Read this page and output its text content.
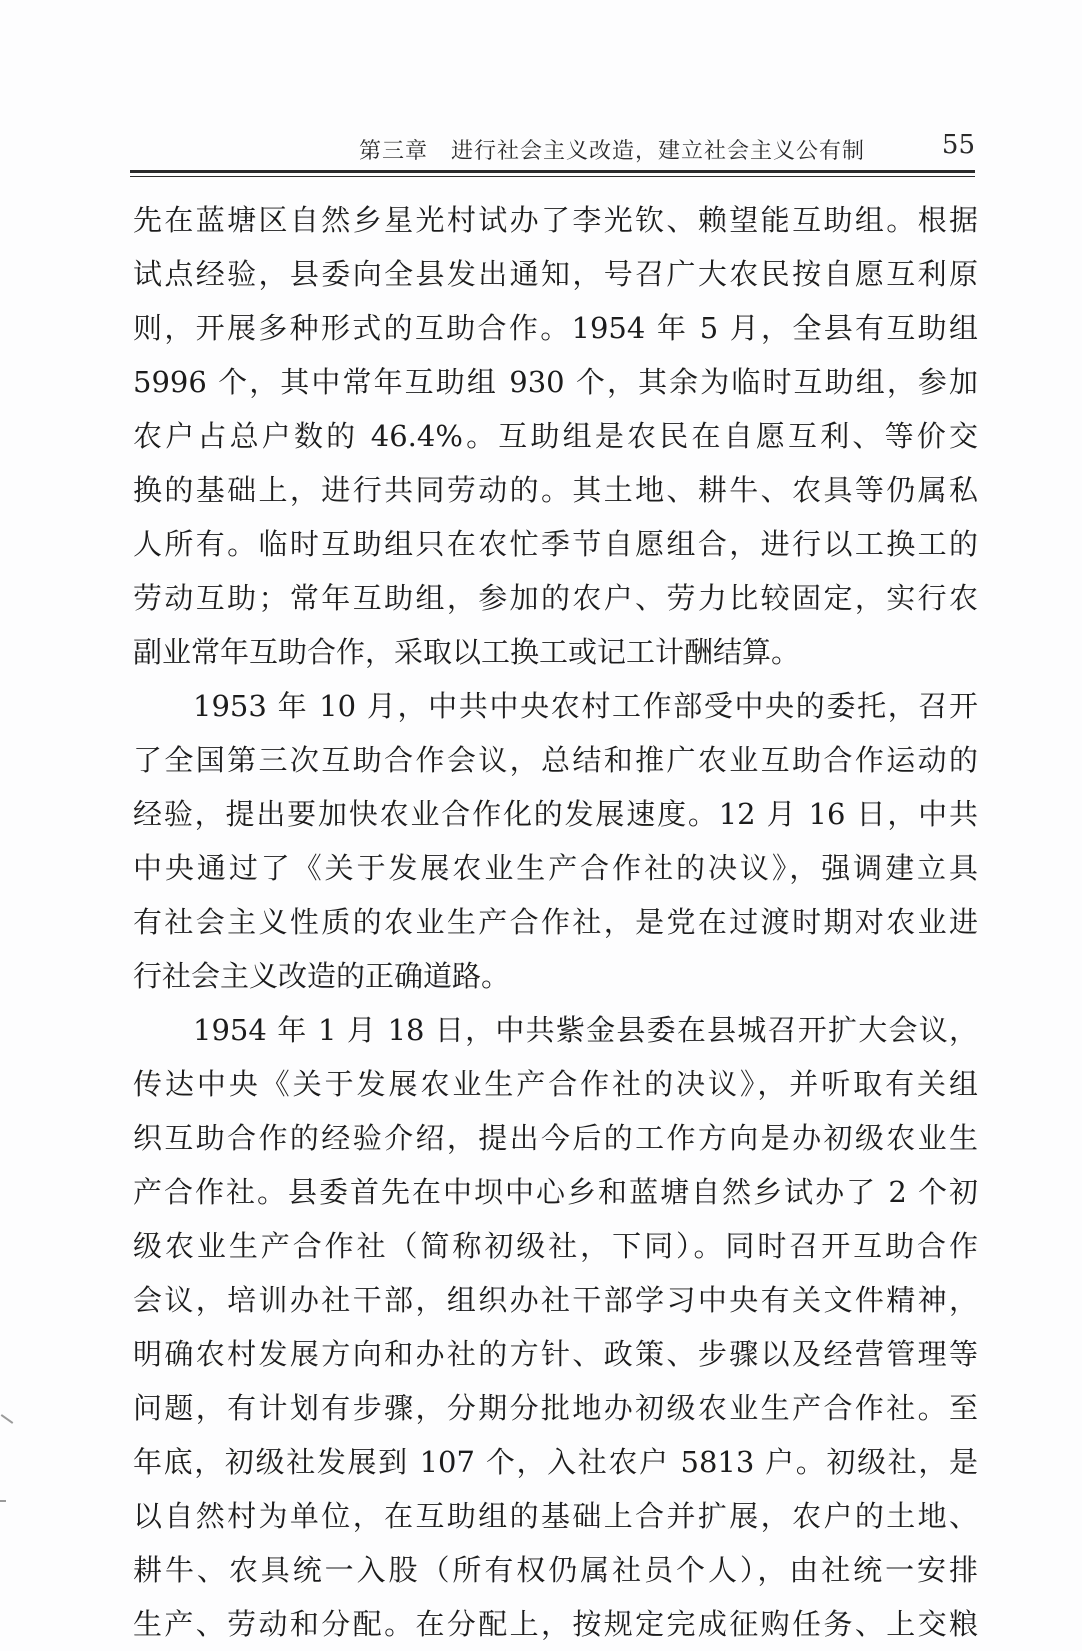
第三章　进行社会主义改造，建立社会主义公有制	55
先在蓝塘区自然乡星光村试办了李光钦、赖望能互助组。根据
试点经验，县委向全县发出通知，号召广大农民按自愿互利原
则，开展多种形式的互助合作。1954 年 5 月，全县有互助组
5996 个，其中常年互助组 930 个，其余为临时互助组，参加
农户占总户数的 46.4%。互助组是农民在自愿互利、等价交
换的基础上，进行共同劳动的。其土地、耕牛、农具等仍属私
人所有。临时互助组只在农忙季节自愿组合，进行以工换工的
劳动互助；常年互助组，参加的农户、劳力比较固定，实行农
副业常年互助合作，采取以工换工或记工计酬结算。
1953 年 10 月，中共中央农村工作部受中央的委托，召开
了全国第三次互助合作会议，总结和推广农业互助合作运动的
经验，提出要加快农业合作化的发展速度。12 月 16 日，中共
中央通过了《关于发展农业生产合作社的决议》，强调建立具
有社会主义性质的农业生产合作社，是党在过渡时期对农业进
行社会主义改造的正确道路。
1954 年 1 月 18 日，中共紫金县委在县城召开扩大会议，
传达中央《关于发展农业生产合作社的决议》，并听取有关组
织互助合作的经验介绍，提出今后的工作方向是办初级农业生
产合作社。县委首先在中坝中心乡和蓝塘自然乡试办了 2 个初
级农业生产合作社（简称初级社，下同）。同时召开互助合作
会议，培训办社干部，组织办社干部学习中央有关文件精神，
明确农村发展方向和办社的方针、政策、步骤以及经营管理等
问题，有计划有步骤，分期分批地办初级农业生产合作社。至
年底，初级社发展到 107 个，入社农户 5813 户。初级社，是
以自然村为单位，在互助组的基础上合并扩展，农户的土地、
耕牛、农具统一入股（所有权仍属社员个人），由社统一安排
生产、劳动和分配。在分配上，按规定完成征购任务、上交粮
